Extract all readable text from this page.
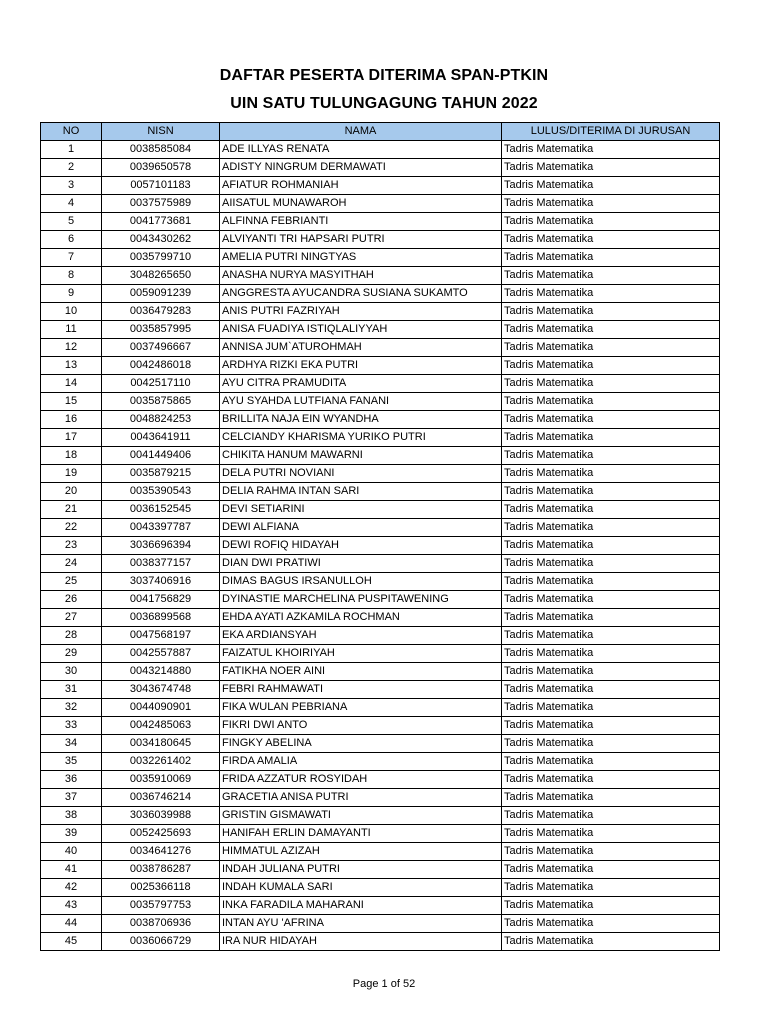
DAFTAR PESERTA DITERIMA SPAN-PTKIN
UIN SATU TULUNGAGUNG TAHUN 2022
NO	NISN	NAMA	LULUS/DITERIMA DI JURUSAN
1	0038585084	ADE ILLYAS RENATA	Tadris Matematika
2	0039650578	ADISTY NINGRUM DERMAWATI	Tadris Matematika
3	0057101183	AFIATUR ROHMANIAH	Tadris Matematika
4	0037575989	AIISATUL MUNAWAROH	Tadris Matematika
5	0041773681	ALFINNA FEBRIANTI	Tadris Matematika
6	0043430262	ALVIYANTI TRI HAPSARI PUTRI	Tadris Matematika
7	0035799710	AMELIA PUTRI NINGTYAS	Tadris Matematika
8	3048265650	ANASHA NURYA MASYITHAH	Tadris Matematika
9	0059091239	ANGGRESTA AYUCANDRA SUSIANA SUKAMTO	Tadris Matematika
10	0036479283	ANIS PUTRI FAZRIYAH	Tadris Matematika
11	0035857995	ANISA FUADIYA ISTIQLALIYYAH	Tadris Matematika
12	0037496667	ANNISA JUM`ATUROHMAH	Tadris Matematika
13	0042486018	ARDHYA RIZKI EKA PUTRI	Tadris Matematika
14	0042517110	AYU CITRA PRAMUDITA	Tadris Matematika
15	0035875865	AYU SYAHDA LUTFIANA FANANI	Tadris Matematika
16	0048824253	BRILLITA NAJA EIN WYANDHA	Tadris Matematika
17	0043641911	CELCIANDY KHARISMA YURIKO PUTRI	Tadris Matematika
18	0041449406	CHIKITA HANUM MAWARNI	Tadris Matematika
19	0035879215	DELA PUTRI NOVIANI	Tadris Matematika
20	0035390543	DELIA RAHMA INTAN SARI	Tadris Matematika
21	0036152545	DEVI SETIARINI	Tadris Matematika
22	0043397787	DEWI ALFIANA	Tadris Matematika
23	3036696394	DEWI ROFIQ HIDAYAH	Tadris Matematika
24	0038377157	DIAN DWI PRATIWI	Tadris Matematika
25	3037406916	DIMAS BAGUS IRSANULLOH	Tadris Matematika
26	0041756829	DYINASTIE MARCHELINA PUSPITAWENING	Tadris Matematika
27	0036899568	EHDA AYATI AZKAMILA ROCHMAN	Tadris Matematika
28	0047568197	EKA ARDIANSYAH	Tadris Matematika
29	0042557887	FAIZATUL KHOIRIYAH	Tadris Matematika
30	0043214880	FATIKHA NOER AINI	Tadris Matematika
31	3043674748	FEBRI RAHMAWATI	Tadris Matematika
32	0044090901	FIKA WULAN PEBRIANA	Tadris Matematika
33	0042485063	FIKRI DWI ANTO	Tadris Matematika
34	0034180645	FINGKY ABELINA	Tadris Matematika
35	0032261402	FIRDA AMALIA	Tadris Matematika
36	0035910069	FRIDA AZZATUR ROSYIDAH	Tadris Matematika
37	0036746214	GRACETIA ANISA PUTRI	Tadris Matematika
38	3036039988	GRISTIN GISMAWATI	Tadris Matematika
39	0052425693	HANIFAH ERLIN DAMAYANTI	Tadris Matematika
40	0034641276	HIMMATUL AZIZAH	Tadris Matematika
41	0038786287	INDAH JULIANA PUTRI	Tadris Matematika
42	0025366118	INDAH KUMALA SARI	Tadris Matematika
43	0035797753	INKA FARADILA MAHARANI	Tadris Matematika
44	0038706936	INTAN AYU 'AFRINA	Tadris Matematika
45	0036066729	IRA NUR HIDAYAH	Tadris Matematika
Page 1 of 52
